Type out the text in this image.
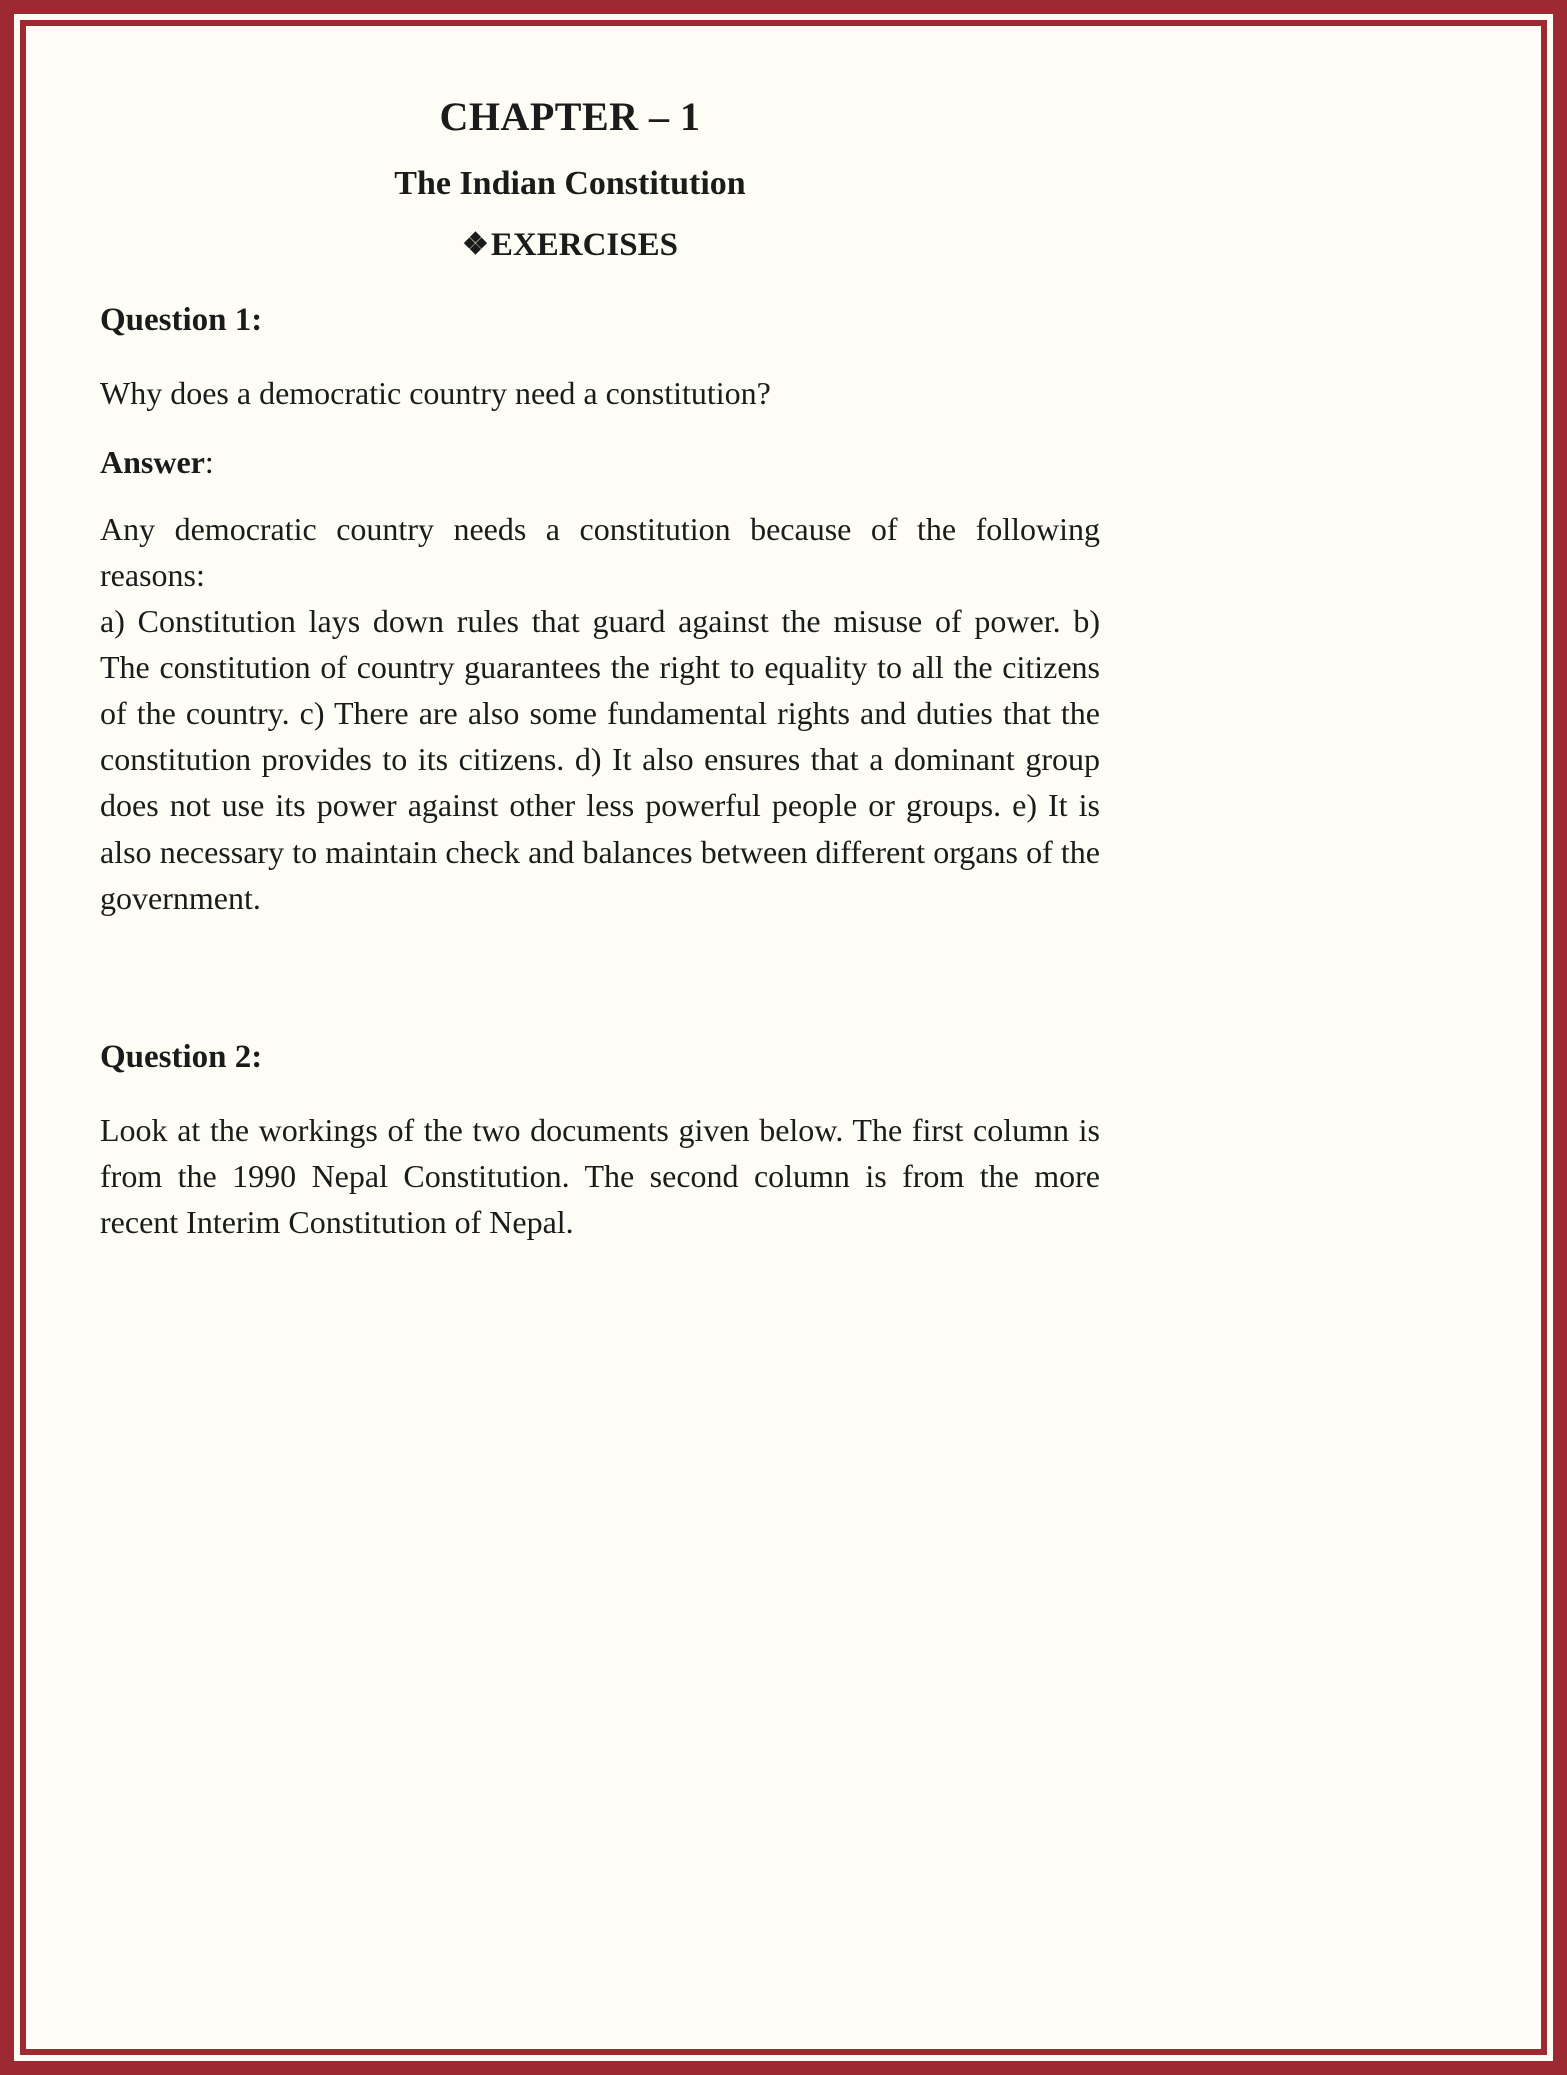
CHAPTER – 1
The Indian Constitution
❖EXERCISES
Question 1:
Why does a democratic country need a constitution?
Answer:
Any democratic country needs a constitution because of the following reasons:
a) Constitution lays down rules that guard against the misuse of power. b) The constitution of country guarantees the right to equality to all the citizens of the country. c) There are also some fundamental rights and duties that the constitution provides to its citizens. d) It also ensures that a dominant group does not use its power against other less powerful people or groups. e) It is also necessary to maintain check and balances between different organs of the government.
Question 2:
Look at the workings of the two documents given below. The first column is from the 1990 Nepal Constitution. The second column is from the more recent Interim Constitution of Nepal.
